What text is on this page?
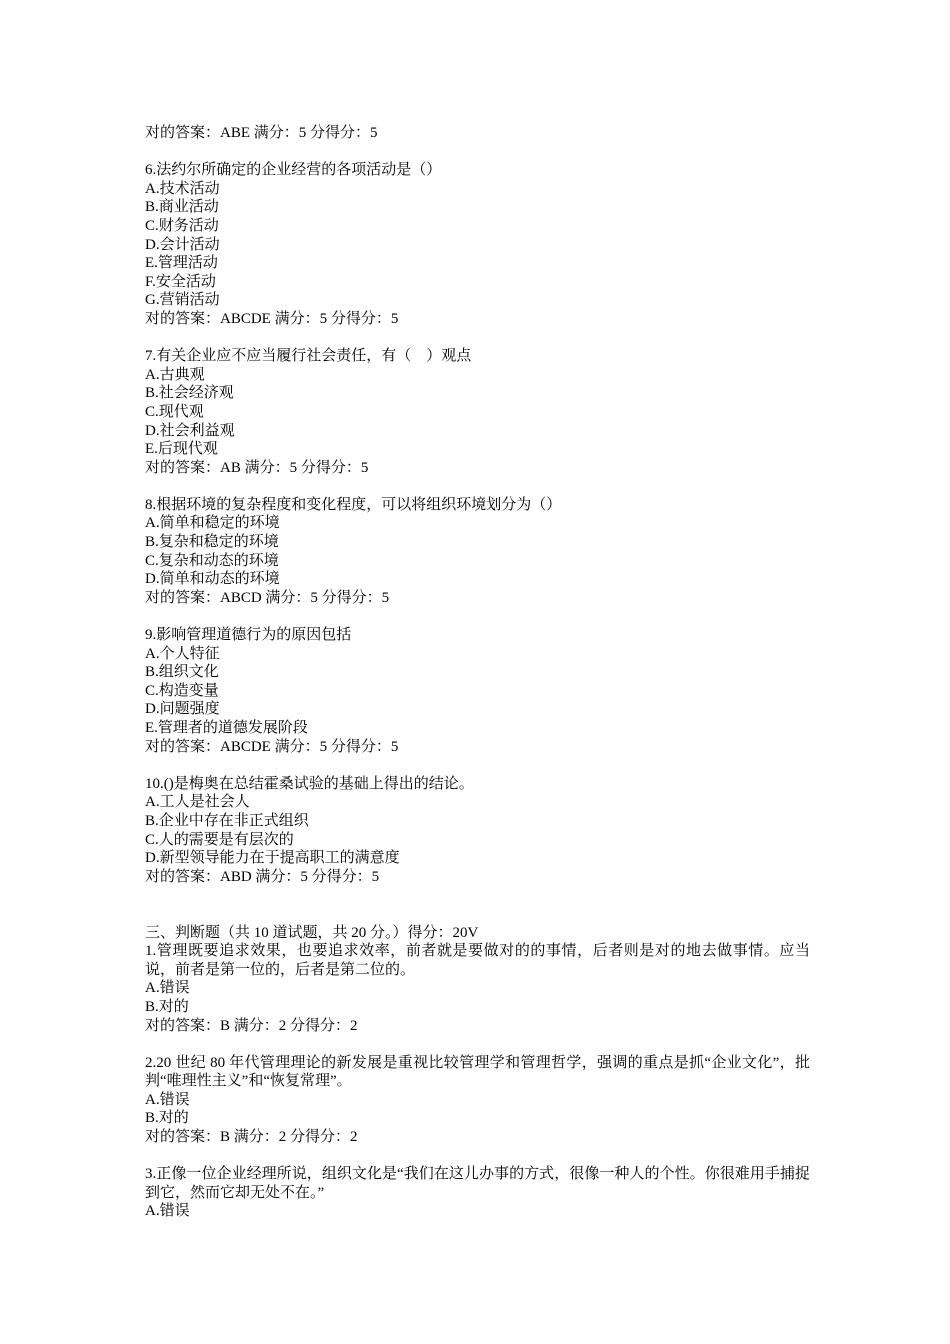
对的答案：ABE 满分：5 分得分：5

6.法约尔所确定的企业经营的各项活动是（）

A.技术活动

B.商业活动

C.财务活动

D.会计活动

E.管理活动

F.安全活动

G.营销活动

对的答案：ABCDE 满分：5 分得分：5

7.有关企业应不应当履行社会责任，有（    ）观点

A.古典观

B.社会经济观

C.现代观

D.社会利益观

E.后现代观

对的答案：AB 满分：5 分得分：5

8.根据环境的复杂程度和变化程度，可以将组织环境划分为（）

A.简单和稳定的环境

B.复杂和稳定的环境

C.复杂和动态的环境

D.简单和动态的环境

对的答案：ABCD 满分：5 分得分：5

9.影响管理道德行为的原因包括

A.个人特征

B.组织文化

C.构造变量

D.问题强度

E.管理者的道德发展阶段

对的答案：ABCDE 满分：5 分得分：5

10.()是梅奥在总结霍桑试验的基础上得出的结论。

A.工人是社会人

B.企业中存在非正式组织

C.人的需要是有层次的

D.新型领导能力在于提高职工的满意度

对的答案：ABD 满分：5 分得分：5

三、判断题（共 10 道试题，共 20 分。）得分：20V

1.管理既要追求效果，也要追求效率，前者就是要做对的的事情，后者则是对的地去做事情。应当说，前者是第一位的，后者是第二位的。

A.错误

B.对的

对的答案：B 满分：2 分得分：2

2.20 世纪 80 年代管理理论的新发展是重视比较管理学和管理哲学，强调的重点是抓“企业文化”，批判“唯理性主义”和“恢复常理”。

A.错误

B.对的

对的答案：B 满分：2 分得分：2

3.正像一位企业经理所说，组织文化是“我们在这儿办事的方式，很像一种人的个性。你很难用手捕捉到它，然而它却无处不在。”

A.错误
